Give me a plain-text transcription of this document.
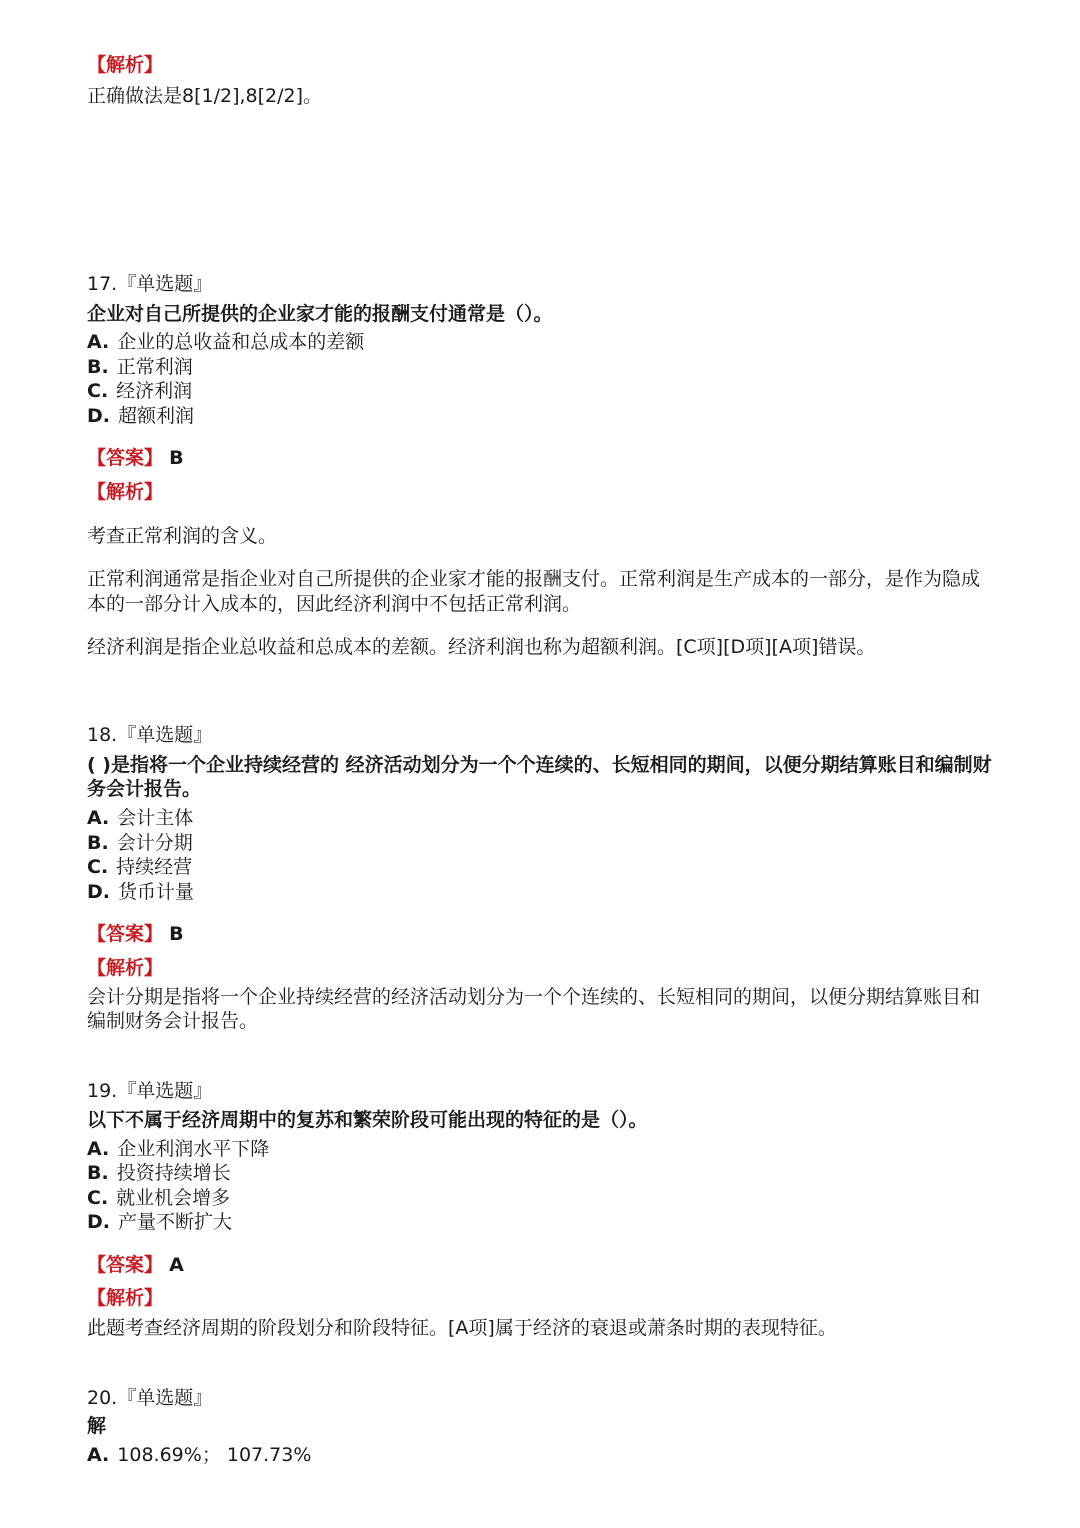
【解析】
正确做法是8[1/2],8[2/2]。
17.『单选题』
企业对自己所提供的企业家才能的报酬支付通常是（）。
A. 企业的总收益和总成本的差额
B. 正常利润
C. 经济利润
D. 超额利润
【答案】 B
【解析】
考查正常利润的含义。
正常利润通常是指企业对自己所提供的企业家才能的报酬支付。正常利润是生产成本的一部分，是作为隐成
本的一部分计入成本的，因此经济利润中不包括正常利润。
经济利润是指企业总收益和总成本的差额。经济利润也称为超额利润。[C项][D项][A项]错误。
18.『单选题』
( )是指将一个企业持续经营的 经济活动划分为一个个连续的、长短相同的期间，以便分期结算账目和编制财
务会计报告。
A. 会计主体
B. 会计分期
C. 持续经营
D. 货币计量
【答案】 B
【解析】
会计分期是指将一个企业持续经营的经济活动划分为一个个连续的、长短相同的期间，以便分期结算账目和
编制财务会计报告。
19.『单选题』
以下不属于经济周期中的复苏和繁荣阶段可能出现的特征的是（）。
A. 企业利润水平下降
B. 投资持续增长
C. 就业机会增多
D. 产量不断扩大
【答案】 A
【解析】
此题考查经济周期的阶段划分和阶段特征。[A项]属于经济的衰退或萧条时期的表现特征。
20.『单选题』
解
A. 108.69%； 107.73%
